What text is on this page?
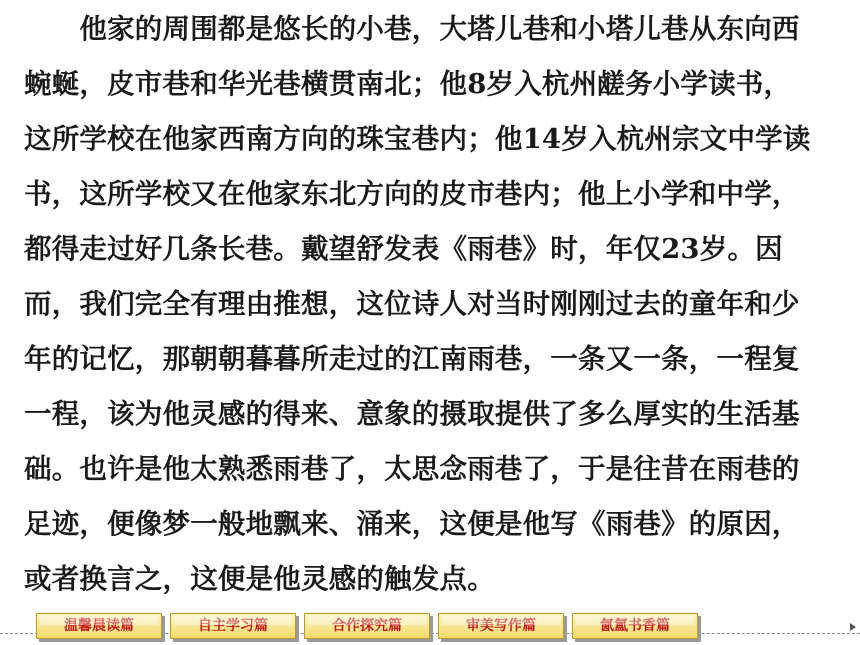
　　他家的周围都是悠长的小巷，大塔儿巷和小塔儿巷从东向西
蜿蜒，皮市巷和华光巷横贯南北；他8岁入杭州鹾务小学读书，
这所学校在他家西南方向的珠宝巷内；他14岁入杭州宗文中学读
书，这所学校又在他家东北方向的皮市巷内；他上小学和中学，
都得走过好几条长巷。戴望舒发表《雨巷》时，年仅23岁。因
而，我们完全有理由推想，这位诗人对当时刚刚过去的童年和少
年的记忆，那朝朝暮暮所走过的江南雨巷，一条又一条，一程复
一程，该为他灵感的得来、意象的摄取提供了多么厚实的生活基
础。也许是他太熟悉雨巷了，太思念雨巷了，于是往昔在雨巷的
足迹，便像梦一般地飘来、涌来，这便是他写《雨巷》的原因，
或者换言之，这便是他灵感的触发点。
温馨晨读篇	自主学习篇	合作探究篇	审美写作篇	氤氲书香篇
